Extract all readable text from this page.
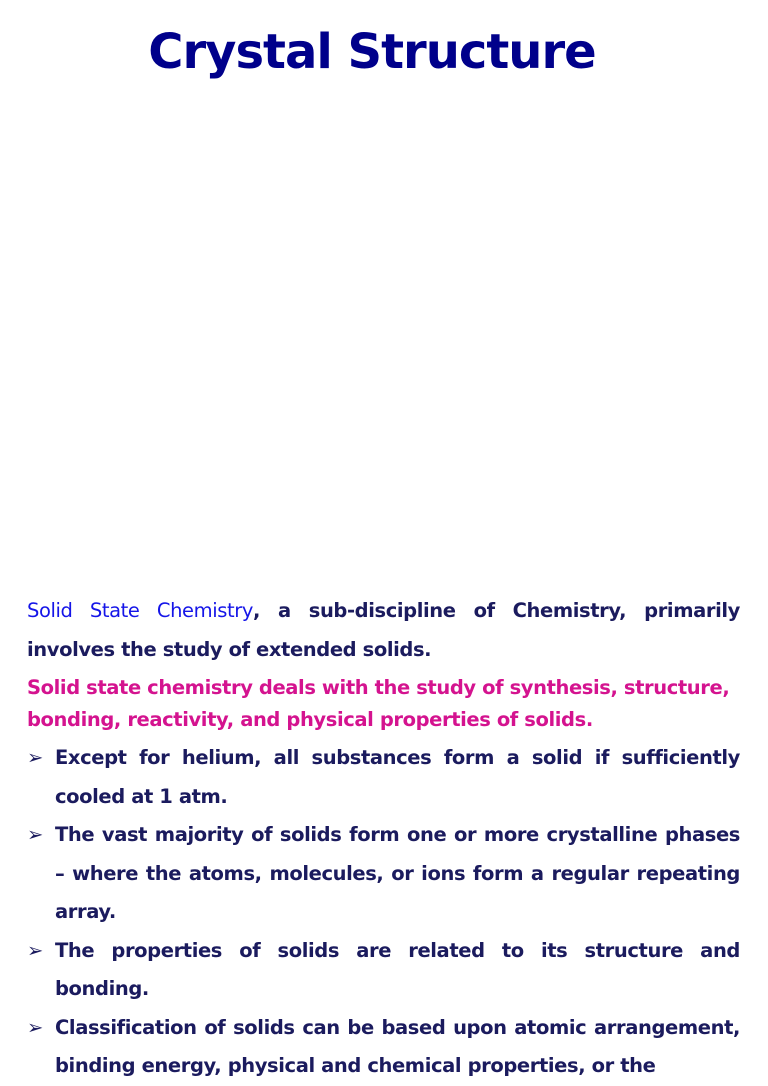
Crystal Structure

Solid State Chemistry, a sub-discipline of Chemistry, primarily involves the study of extended solids.

Solid state chemistry deals with the study of synthesis, structure, bonding, reactivity, and physical properties of solids.

➢ Except for helium, all substances form a solid if sufficiently cooled at 1 atm.
➢ The vast majority of solids form one or more crystalline phases – where the atoms, molecules, or ions form a regular repeating array.
➢ The properties of solids are related to its structure and bonding.
➢ Classification of solids can be based upon atomic arrangement, binding energy, physical and chemical properties, or the
